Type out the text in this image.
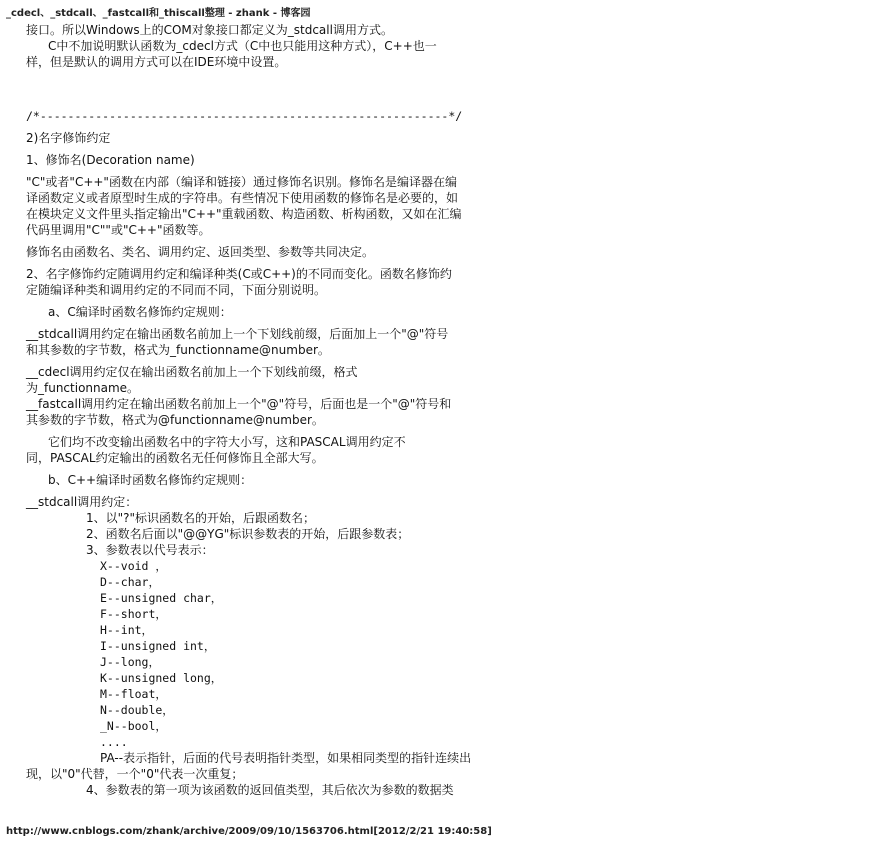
_cdecl、_stdcall、_fastcall和_thiscall整理 - zhank - 博客园
接口。所以Windows上的COM对象接口都定义为_stdcall调用方式。
C中不加说明默认函数为_cdecl方式（C中也只能用这种方式），C++也一
样，但是默认的调用方式可以在IDE环境中设置。
/*-----------------------------------------------------------*/
2)名字修饰约定
1、修饰名(Decoration name)
"C"或者"C++"函数在内部（编译和链接）通过修饰名识别。修饰名是编译器在编
译函数定义或者原型时生成的字符串。有些情况下使用函数的修饰名是必要的，如
在模块定义文件里头指定输出"C++"重载函数、构造函数、析构函数，又如在汇编
代码里调用"C""或"C++"函数等。
修饰名由函数名、类名、调用约定、返回类型、参数等共同决定。
2、名字修饰约定随调用约定和编译种类(C或C++)的不同而变化。函数名修饰约
定随编译种类和调用约定的不同而不同，下面分别说明。
a、C编译时函数名修饰约定规则：
__stdcall调用约定在输出函数名前加上一个下划线前缀，后面加上一个"@"符号
和其参数的字节数，格式为_functionname@number。
__cdecl调用约定仅在输出函数名前加上一个下划线前缀，格式
为_functionname。
__fastcall调用约定在输出函数名前加上一个"@"符号，后面也是一个"@"符号和
其参数的字节数，格式为@functionname@number。
它们均不改变输出函数名中的字符大小写，这和PASCAL调用约定不
同，PASCAL约定输出的函数名无任何修饰且全部大写。
b、C++编译时函数名修饰约定规则：
__stdcall调用约定：
1、以"?"标识函数名的开始，后跟函数名；
2、函数名后面以"@@YG"标识参数表的开始，后跟参数表；
3、参数表以代号表示：
X--void ，
D--char，
E--unsigned char，
F--short，
H--int，
I--unsigned int，
J--long，
K--unsigned long，
M--float，
N--double，
_N--bool，
....
PA--表示指针，后面的代号表明指针类型，如果相同类型的指针连续出
现，以"0"代替，一个"0"代表一次重复；
4、参数表的第一项为该函数的返回值类型，其后依次为参数的数据类
http://www.cnblogs.com/zhank/archive/2009/09/10/1563706.html[2012/2/21 19:40:58]
